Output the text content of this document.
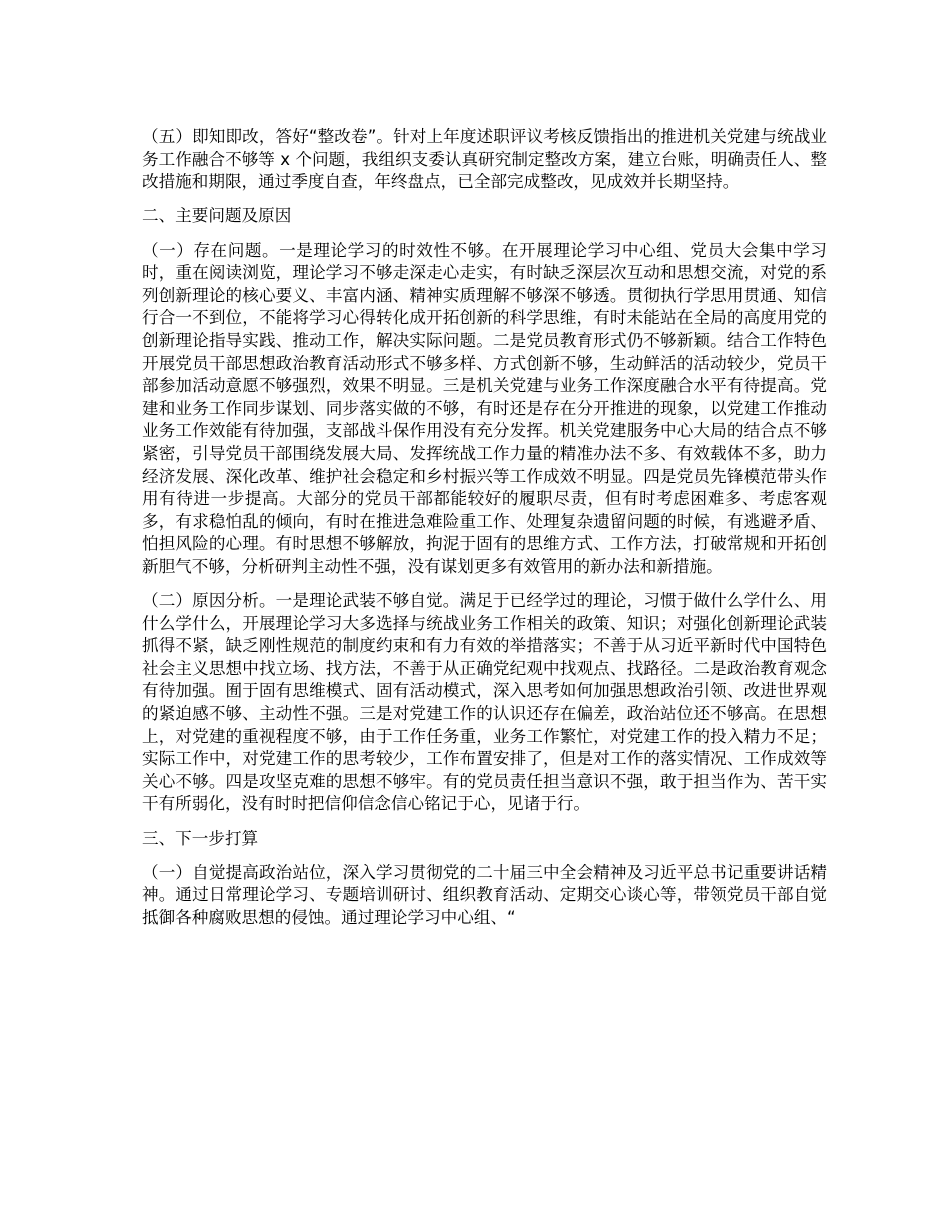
（五）即知即改，答好“整改卷”。针对上年度述职评议考核反馈指出的推进机关党建与统战业务工作融合不够等 x 个问题，我组织支委认真研究制定整改方案，建立台账，明确责任人、整改措施和期限，通过季度自查，年终盘点，已全部完成整改，见成效并长期坚持。

二、主要问题及原因

（一）存在问题。一是理论学习的时效性不够。在开展理论学习中心组、党员大会集中学习时，重在阅读浏览，理论学习不够走深走心走实，有时缺乏深层次互动和思想交流，对党的系列创新理论的核心要义、丰富内涵、精神实质理解不够深不够透。贯彻执行学思用贯通、知信行合一不到位，不能将学习心得转化成开拓创新的科学思维，有时未能站在全局的高度用党的创新理论指导实践、推动工作，解决实际问题。二是党员教育形式仍不够新颖。结合工作特色开展党员干部思想政治教育活动形式不够多样、方式创新不够，生动鲜活的活动较少，党员干部参加活动意愿不够强烈，效果不明显。三是机关党建与业务工作深度融合水平有待提高。党建和业务工作同步谋划、同步落实做的不够，有时还是存在分开推进的现象，以党建工作推动业务工作效能有待加强，支部战斗保作用没有充分发挥。机关党建服务中心大局的结合点不够紧密，引导党员干部围绕发展大局、发挥统战工作力量的精准办法不多、有效载体不多，助力经济发展、深化改革、维护社会稳定和乡村振兴等工作成效不明显。四是党员先锋模范带头作用有待进一步提高。大部分的党员干部都能较好的履职尽责，但有时考虑困难多、考虑客观多，有求稳怕乱的倾向，有时在推进急难险重工作、处理复杂遗留问题的时候，有逃避矛盾、怕担风险的心理。有时思想不够解放，拘泥于固有的思维方式、工作方法，打破常规和开拓创新胆气不够，分析研判主动性不强，没有谋划更多有效管用的新办法和新措施。

（二）原因分析。一是理论武装不够自觉。满足于已经学过的理论，习惯于做什么学什么、用什么学什么，开展理论学习大多选择与统战业务工作相关的政策、知识；对强化创新理论武装抓得不紧，缺乏刚性规范的制度约束和有力有效的举措落实；不善于从习近平新时代中国特色社会主义思想中找立场、找方法，不善于从正确党纪观中找观点、找路径。二是政治教育观念有待加强。囿于固有思维模式、固有活动模式，深入思考如何加强思想政治引领、改进世界观的紧迫感不够、主动性不强。三是对党建工作的认识还存在偏差，政治站位还不够高。在思想上，对党建的重视程度不够，由于工作任务重，业务工作繁忙，对党建工作的投入精力不足；实际工作中，对党建工作的思考较少，工作布置安排了，但是对工作的落实情况、工作成效等关心不够。四是攻坚克难的思想不够牢。有的党员责任担当意识不强，敢于担当作为、苦干实干有所弱化，没有时时把信仰信念信心铭记于心，见诸于行。

三、下一步打算

（一）自觉提高政治站位，深入学习贯彻党的二十届三中全会精神及习近平总书记重要讲话精神。通过日常理论学习、专题培训研讨、组织教育活动、定期交心谈心等，带领党员干部自觉抵御各种腐败思想的侵蚀。通过理论学习中心组、“
